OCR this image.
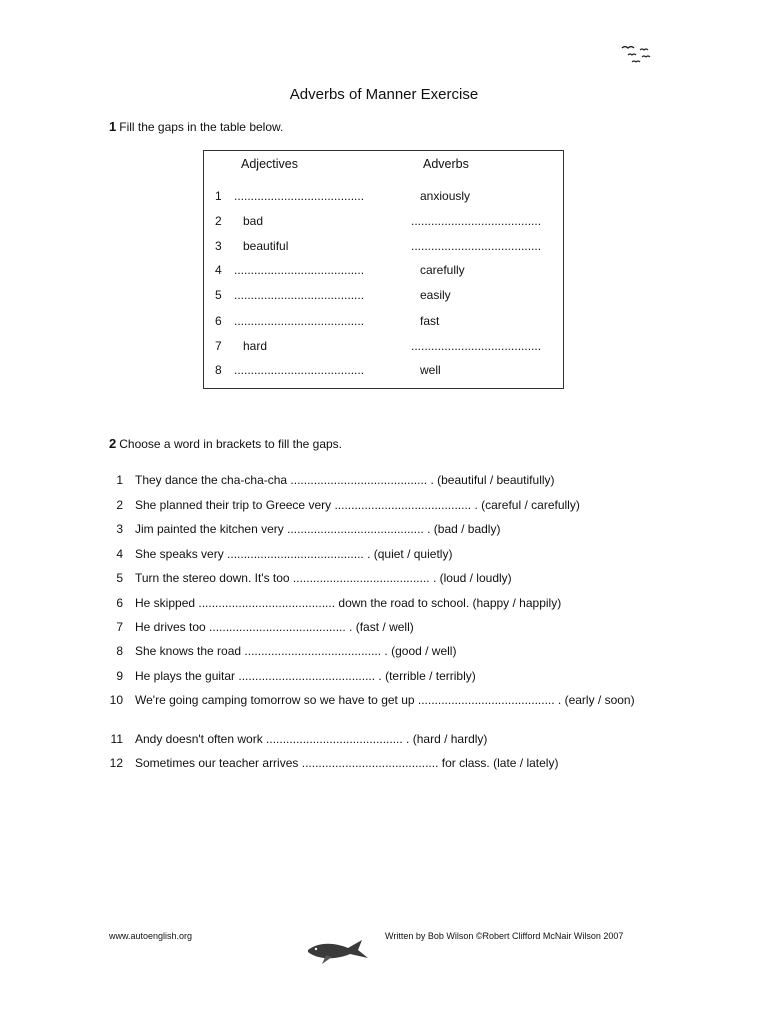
Adverbs of Manner Exercise
1 Fill the gaps in the table below.
Adjectives	Adverbs
1 .......................................	anxiously
2 bad	.......................................
3 beautiful	.......................................
4 .......................................	carefully
5 .......................................	easily
6 .......................................	fast
7 hard	.......................................
8 .......................................	well
2 Choose a word in brackets to fill the gaps.
1 They dance the cha-cha-cha ......................................... . (beautiful / beautifully)
2 She planned their trip to Greece very ......................................... . (careful / carefully)
3 Jim painted the kitchen very ......................................... . (bad / badly)
4 She speaks very ......................................... . (quiet / quietly)
5 Turn the stereo down. It's too ......................................... . (loud / loudly)
6 He skipped ......................................... down the road to school. (happy / happily)
7 He drives too ......................................... . (fast / well)
8 She knows the road ......................................... . (good / well)
9 He plays the guitar ......................................... . (terrible / terribly)
10 We're going camping tomorrow so we have to get up ......................................... . (early / soon)
11 Andy doesn't often work ......................................... . (hard / hardly)
12 Sometimes our teacher arrives ......................................... for class. (late / lately)
www.autoenglish.org	Written by Bob Wilson ©Robert Clifford McNair Wilson 2007
